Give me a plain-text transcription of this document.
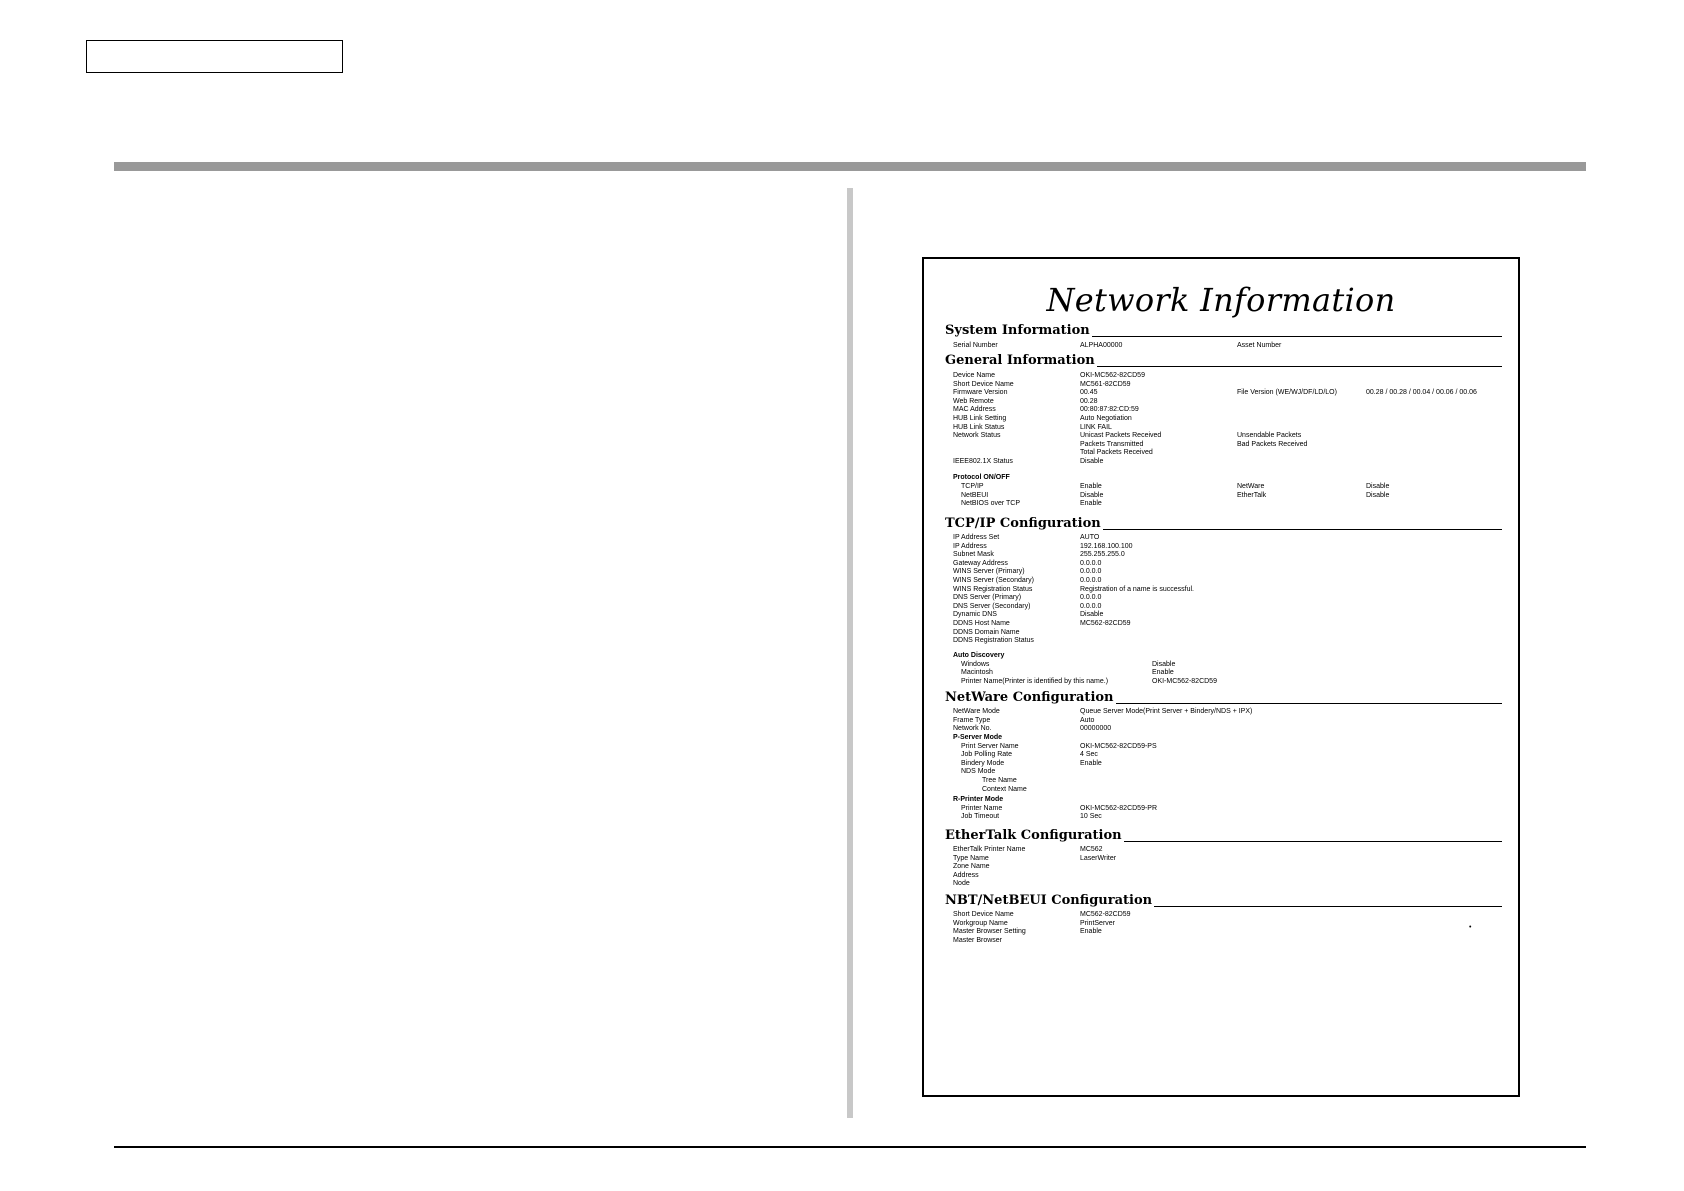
Network Information
System Information
Serial Number	ALPHA00000	Asset Number
General Information
Device Name	OKI-MC562-82CD59
Short Device Name	MC561-82CD59
Firmware Version	00.45	File Version (WE/WJ/DF/LD/LO)	00.28 / 00.28 / 00.04 / 00.06 / 00.06
Web Remote	00.28
MAC Address	00:80:87:82:CD:59
HUB Link Setting	Auto Negotiation
HUB Link Status	LINK FAIL
Network Status	Unicast Packets Received	Unsendable Packets
Packets Transmitted	Bad Packets Received
Total Packets Received
IEEE802.1X Status	Disable
Protocol ON/OFF
TCP/IP	Enable	NetWare	Disable
NetBEUI	Disable	EtherTalk	Disable
NetBIOS over TCP	Enable
TCP/IP Configuration
IP Address Set	AUTO
IP Address	192.168.100.100
Subnet Mask	255.255.255.0
Gateway Address	0.0.0.0
WINS Server (Primary)	0.0.0.0
WINS Server (Secondary)	0.0.0.0
WINS Registration Status	Registration of a name is successful.
DNS Server (Primary)	0.0.0.0
DNS Server (Secondary)	0.0.0.0
Dynamic DNS	Disable
DDNS Host Name	MC562-82CD59
DDNS Domain Name
DDNS Registration Status
Auto Discovery
Windows	Disable
Macintosh	Enable
Printer Name(Printer is identified by this name.)	OKI-MC562-82CD59
NetWare Configuration
NetWare Mode	Queue Server Mode(Print Server + Bindery/NDS + IPX)
Frame Type	Auto
Network No.	00000000
P-Server Mode
Print Server Name	OKI-MC562-82CD59-PS
Job Polling Rate	4 Sec
Bindery Mode	Enable
NDS Mode
Tree Name
Context Name
R-Printer Mode
Printer Name	OKI-MC562-82CD59-PR
Job Timeout	10 Sec
EtherTalk Configuration
EtherTalk Printer Name	MC562
Type Name	LaserWriter
Zone Name
Address
Node
NBT/NetBEUI Configuration
Short Device Name	MC562-82CD59
Workgroup Name	PrintServer
Master Browser Setting	Enable
Master Browser
•
